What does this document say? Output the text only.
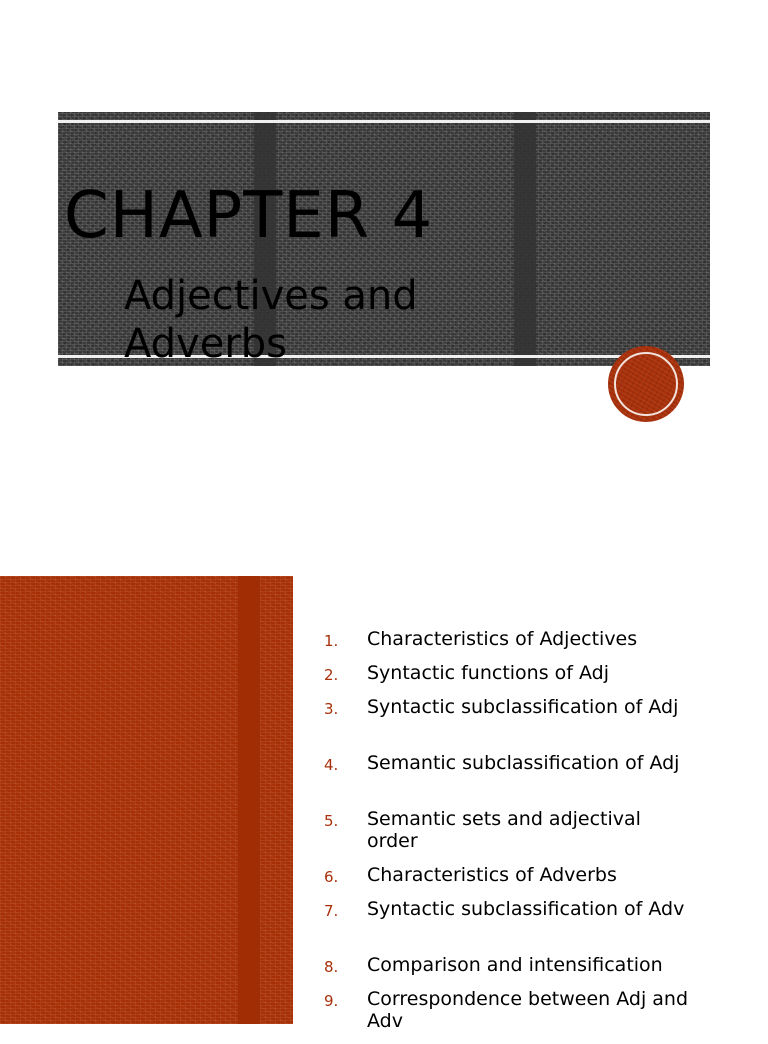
CHAPTER 4
Adjectives and Adverbs
1.	Characteristics of Adjectives
2.	Syntactic functions of Adj
3.	Syntactic subclassification of Adj
4.	Semantic subclassification of Adj
5.	Semantic sets and adjectival order
6.	Characteristics of Adverbs
7.	Syntactic subclassification of Adv
8.	Comparison and intensification
9.	Correspondence between Adj and Adv
